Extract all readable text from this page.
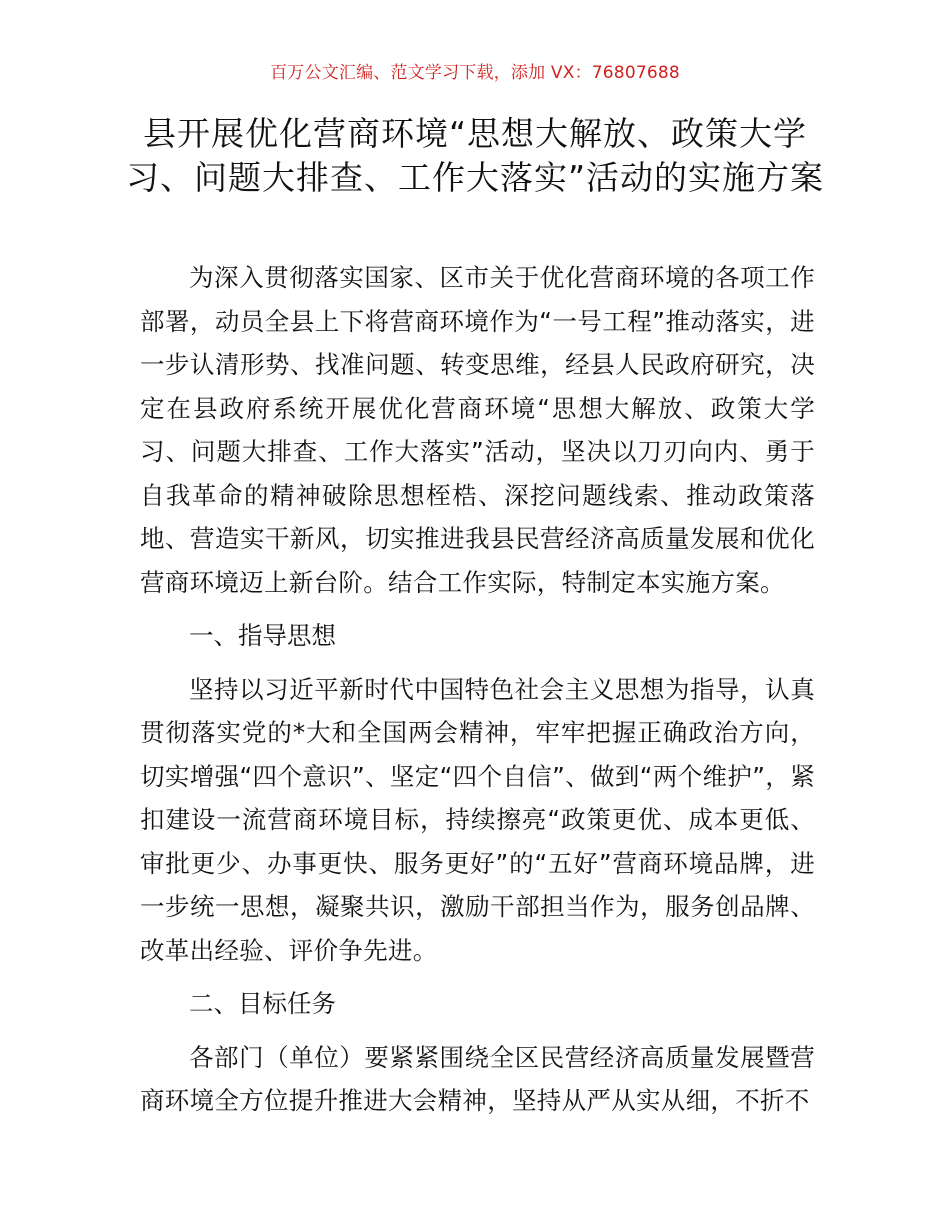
百万公文汇编、范文学习下载，添加 VX：76807688
县开展优化营商环境“思想大解放、政策大学习、问题大排查、工作大落实”活动的实施方案

为深入贯彻落实国家、区市关于优化营商环境的各项工作部署，动员全县上下将营商环境作为“一号工程”推动落实，进一步认清形势、找准问题、转变思维，经县人民政府研究，决定在县政府系统开展优化营商环境“思想大解放、政策大学习、问题大排查、工作大落实”活动，坚决以刀刃向内、勇于自我革命的精神破除思想桎梏、深挖问题线索、推动政策落地、营造实干新风，切实推进我县民营经济高质量发展和优化营商环境迈上新台阶。结合工作实际，特制定本实施方案。

一、指导思想

坚持以习近平新时代中国特色社会主义思想为指导，认真贯彻落实党的*大和全国两会精神，牢牢把握正确政治方向，切实增强“四个意识”、坚定“四个自信”、做到“两个维护”，紧扣建设一流营商环境目标，持续擦亮“政策更优、成本更低、审批更少、办事更快、服务更好”的“五好”营商环境品牌，进一步统一思想，凝聚共识，激励干部担当作为，服务创品牌、改革出经验、评价争先进。

二、目标任务

各部门（单位）要紧紧围绕全区民营经济高质量发展暨营商环境全方位提升推进大会精神，坚持从严从实从细，不折不
